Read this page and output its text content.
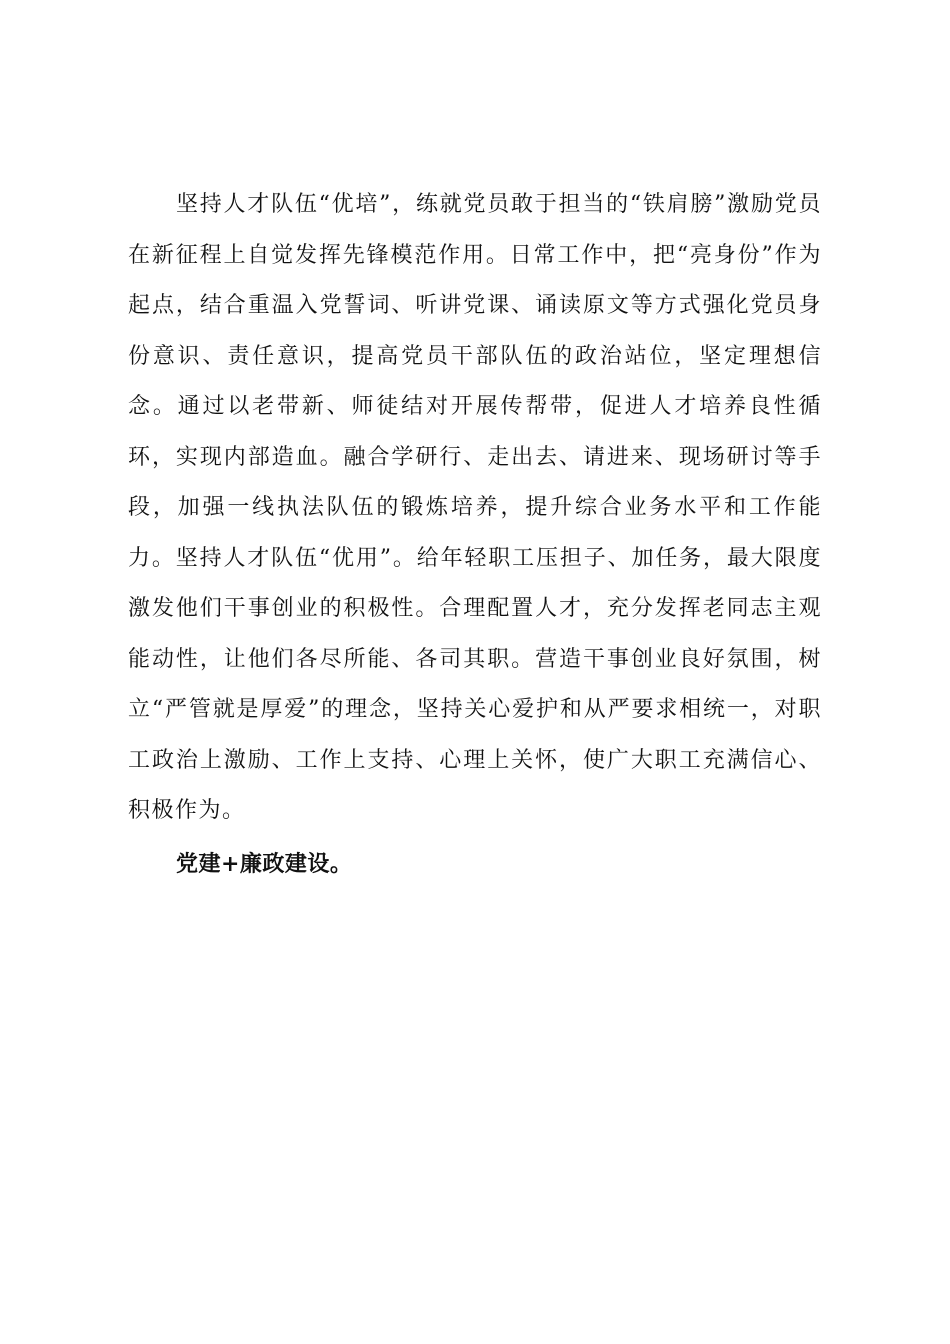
坚持人才队伍“优培”，练就党员敢于担当的“铁肩膀”激励党员在新征程上自觉发挥先锋模范作用。日常工作中，把“亮身份”作为起点，结合重温入党誓词、听讲党课、诵读原文等方式强化党员身份意识、责任意识，提高党员干部队伍的政治站位，坚定理想信念。通过以老带新、师徒结对开展传帮带，促进人才培养良性循环，实现内部造血。融合学研行、走出去、请进来、现场研讨等手段，加强一线执法队伍的锻炼培养，提升综合业务水平和工作能力。坚持人才队伍“优用”。给年轻职工压担子、加任务，最大限度激发他们干事创业的积极性。合理配置人才，充分发挥老同志主观能动性，让他们各尽所能、各司其职。营造干事创业良好氛围，树立“严管就是厚爱”的理念，坚持关心爱护和从严要求相统一，对职工政治上激励、工作上支持、心理上关怀，使广大职工充满信心、积极作为。

党建+廉政建设。
